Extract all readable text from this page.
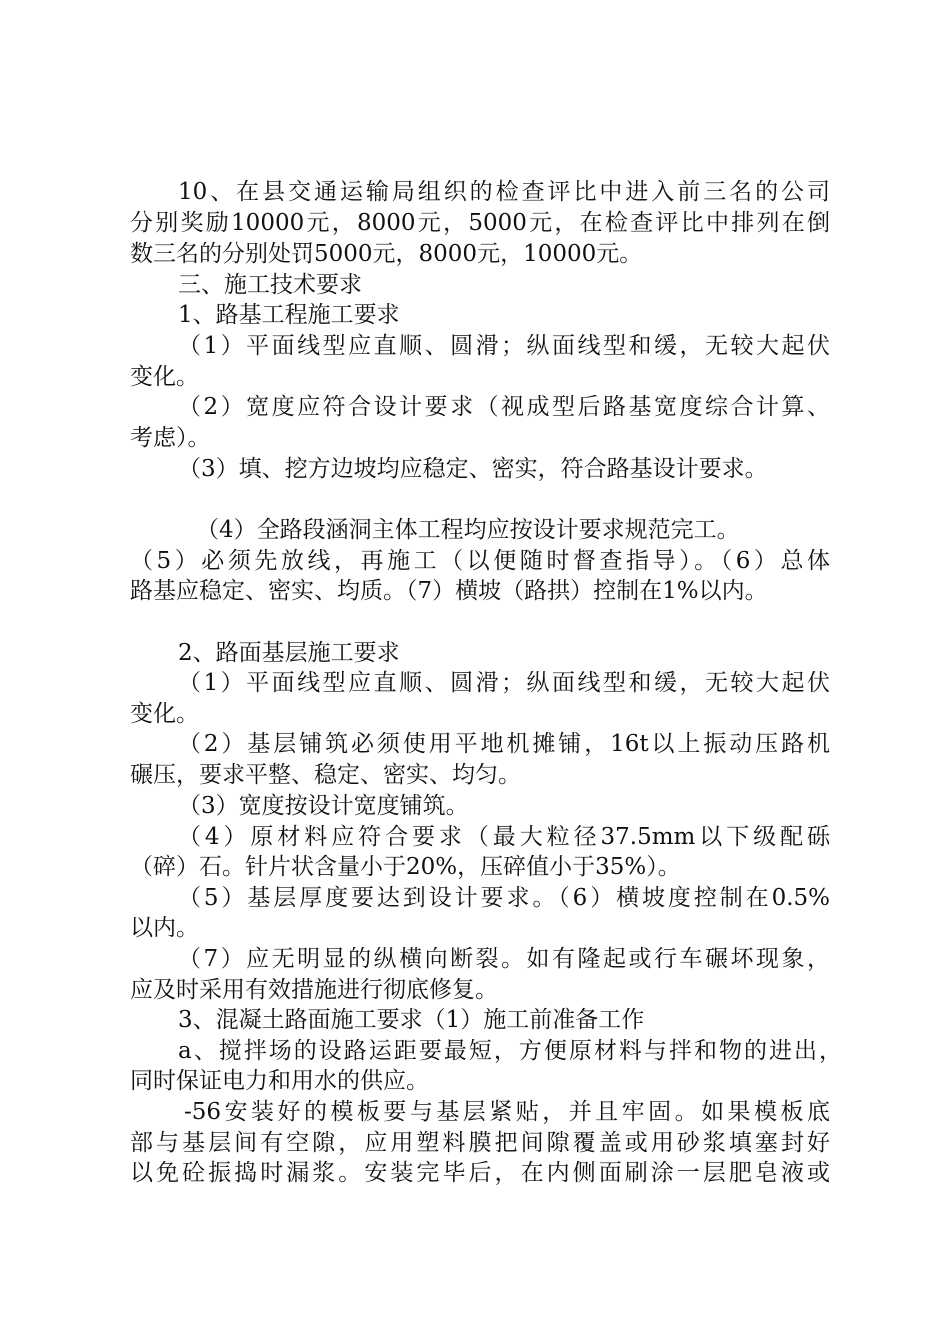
10、在县交通运输局组织的检查评比中进入前三名的公司
分别奖励10000元，8000元，5000元，在检查评比中排列在倒
数三名的分别处罚5000元，8000元，10000元。
三、施工技术要求
1、路基工程施工要求
（1）平面线型应直顺、圆滑；纵面线型和缓，无较大起伏
变化。
（2）宽度应符合设计要求（视成型后路基宽度综合计算、
考虑）。
（3）填、挖方边坡均应稳定、密实，符合路基设计要求。
（4）全路段涵洞主体工程均应按设计要求规范完工。
（5）必须先放线，再施工（以便随时督查指导）。（6）总体
路基应稳定、密实、均质。（7）横坡（路拱）控制在1%以内。
2、路面基层施工要求
（1）平面线型应直顺、圆滑；纵面线型和缓，无较大起伏
变化。
（2）基层铺筑必须使用平地机摊铺，16t以上振动压路机
碾压，要求平整、稳定、密实、均匀。
（3）宽度按设计宽度铺筑。
（4）原材料应符合要求（最大粒径37.5mm以下级配砾
（碎）石。针片状含量小于20%，压碎值小于35%）。
（5）基层厚度要达到设计要求。（6）横坡度控制在0.5%
以内。
（7）应无明显的纵横向断裂。如有隆起或行车碾坏现象，
应及时采用有效措施进行彻底修复。
3、混凝土路面施工要求（1）施工前准备工作
a、搅拌场的设路运距要最短，方便原材料与拌和物的进出，
同时保证电力和用水的供应。
-56安装好的模板要与基层紧贴，并且牢固。如果模板底
部与基层间有空隙，应用塑料膜把间隙覆盖或用砂浆填塞封好
以免砼振捣时漏浆。安装完毕后，在内侧面刷涂一层肥皂液或
